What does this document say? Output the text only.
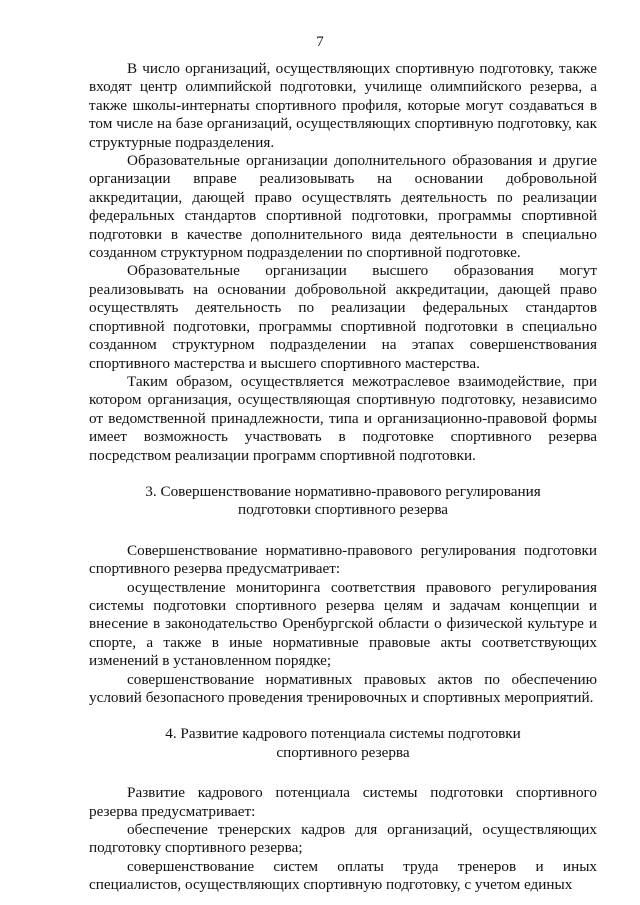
7

В число организаций, осуществляющих спортивную подготовку, также входят центр олимпийской подготовки, училище олимпийского резерва, а также школы-интернаты спортивного профиля, которые могут создаваться в том числе на базе организаций, осуществляющих спортивную подготовку, как структурные подразделения.

Образовательные организации дополнительного образования и другие организации вправе реализовывать на основании добровольной аккредитации, дающей право осуществлять деятельность по реализации федеральных стандартов спортивной подготовки, программы спортивной подготовки в качестве дополнительного вида деятельности в специально созданном структурном подразделении по спортивной подготовке.

Образовательные организации высшего образования могут реализовывать на основании добровольной аккредитации, дающей право осуществлять деятельность по реализации федеральных стандартов спортивной подготовки, программы спортивной подготовки в специально созданном структурном подразделении на этапах совершенствования спортивного мастерства и высшего спортивного мастерства.

Таким образом, осуществляется межотраслевое взаимодействие, при котором организация, осуществляющая спортивную подготовку, независимо от ведомственной принадлежности, типа и организационно-правовой формы имеет возможность участвовать в подготовке спортивного резерва посредством реализации программ спортивной подготовки.

3. Совершенствование нормативно-правового регулирования

подготовки спортивного резерва

Совершенствование нормативно-правового регулирования подготовки спортивного резерва предусматривает:

осуществление мониторинга соответствия правового регулирования системы подготовки спортивного резерва целям и задачам концепции и внесение в законодательство Оренбургской области о физической культуре и спорте, а также в иные нормативные правовые акты соответствующих изменений в установленном порядке;

совершенствование нормативных правовых актов по обеспечению условий безопасного проведения тренировочных и спортивных мероприятий.

4. Развитие кадрового потенциала системы подготовки

спортивного резерва

Развитие кадрового потенциала системы подготовки спортивного резерва предусматривает:

обеспечение тренерских кадров для организаций, осуществляющих подготовку спортивного резерва;

совершенствование систем оплаты труда тренеров и иных специалистов, осуществляющих спортивную подготовку, с учетом единых
